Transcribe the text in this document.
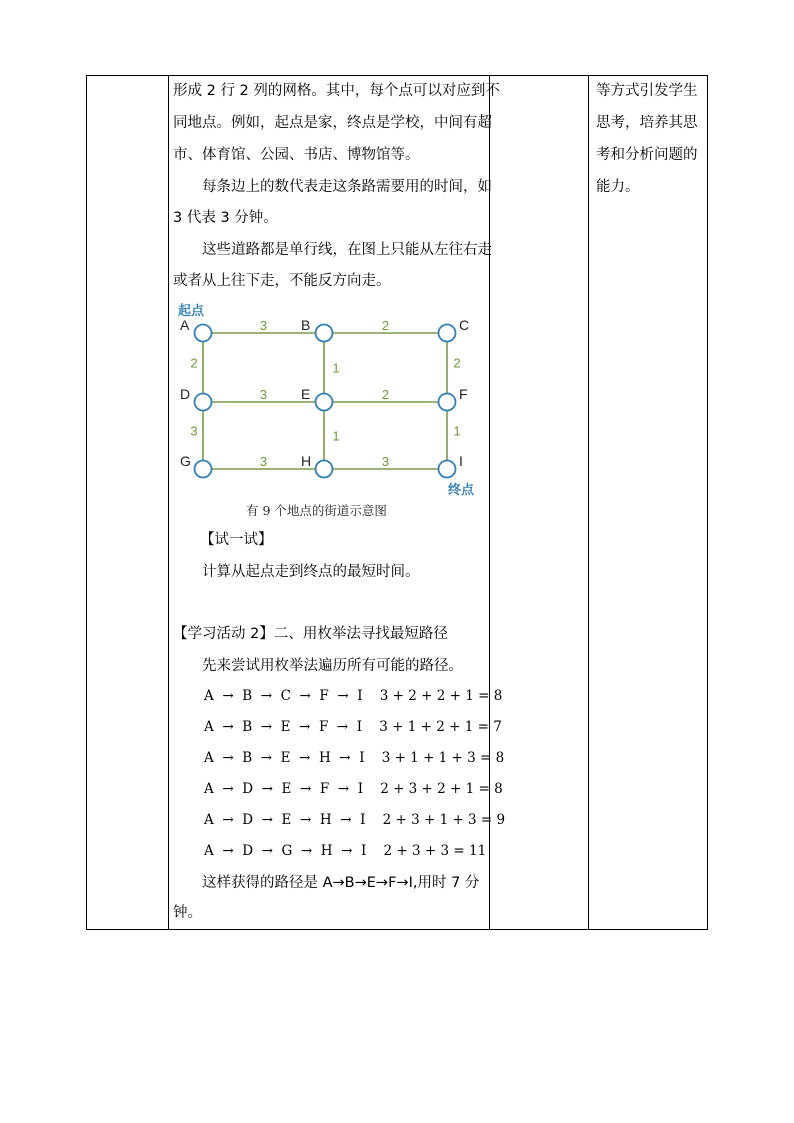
形成 2 行 2 列的网格。其中，每个点可以对应到不
同地点。例如，起点是家，终点是学校，中间有超
市、体育馆、公园、书店、博物馆等。
每条边上的数代表走这条路需要用的时间，如
3 代表 3 分钟。
这些道路都是单行线，在图上只能从左往右走
或者从上往下走，不能反方向走。
3	2
3	2
3	3
2	1	2
3	1	1
A	B	C
D	E	F
G	H	I
起点
终点
有 9 个地点的街道示意图
【试一试】
计算从起点走到终点的最短时间。
【学习活动 2】二、用枚举法寻找最短路径
先来尝试用枚举法遍历所有可能的路径。
A  →  B  →  C  →  F  →  I    3 + 2 + 2 + 1 = 8
A  →  B  →  E  →  F  →  I    3 + 1 + 2 + 1 = 7
A  →  B  →  E  →  H  →  I    3 + 1 + 1 + 3 = 8
A  →  D  →  E  →  F  →  I    2 + 3 + 2 + 1 = 8
A  →  D  →  E  →  H  →  I    2 + 3 + 1 + 3 = 9
A  →  D  →  G  →  H  →  I    2 + 3 + 3 = 11
这样获得的路径是 A→B→E→F→I,用时 7 分
钟。
等方式引发学生
思考，培养其思
考和分析问题的
能力。
